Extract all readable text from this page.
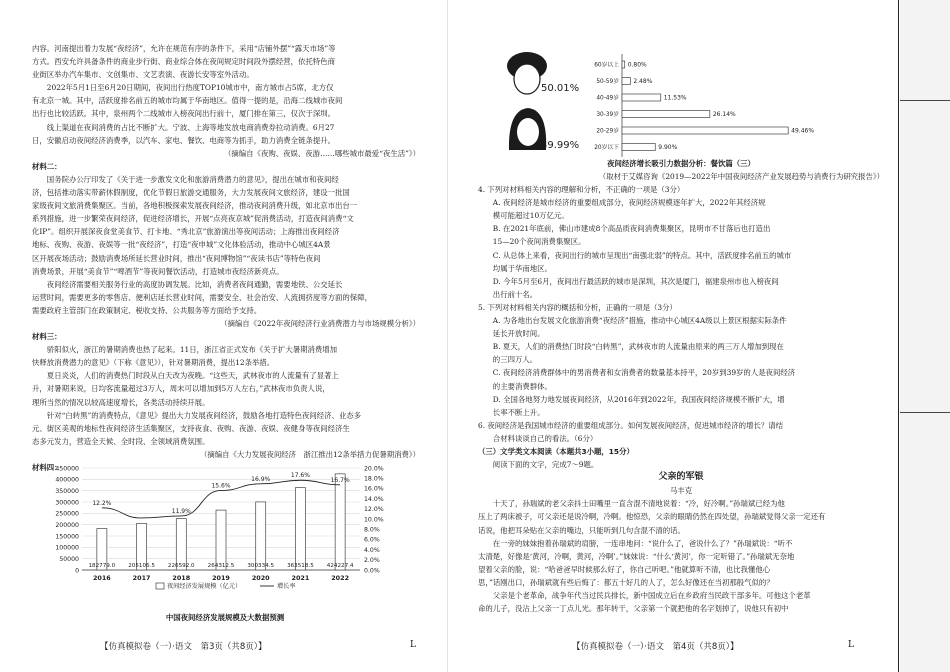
内容。河南提出着力发展“夜经济”，允许在规范有序的条件下，采用“店铺外摆”“露天市场”等

方式。西安允许具备条件的商业步行街、商业综合体在夜间规定时间段外摆经营，依托特色商

业街区举办汽车集市、文创集市、文艺表演、夜游长安等室外活动。

2022年5月1日至6月20日期间，夜间出行热度TOP10城市中，南方城市占5席，北方仅

有北京一城。其中，活跃度排名前五的城市均属于华南地区。值得一提的是，沿海二线城市夜间

出行也比较活跃。其中，泉州两个二线城市入榜夜间出行前十，厦门排在第三，仅次于深圳。

线上渠道在夜间消费的占比不断扩大。宁波、上海等地发放电商消费券拉动消费。6月27

日，安徽启动夜间经济消费季，以汽车、家电、餐饮、电商等为抓手，助力消费全链条提升。

（摘编自《夜购、夜娱、夜游……哪些城市最爱“夜生活”》）

材料二：

国务院办公厅印发了《关于进一步激发文化和旅游消费潜力的意见》，提出在城市和夜间经

济，包括推动落实带薪休假制度，优化节假日旅游交通服务，大力发展夜间文旅经济，建设一批国

家级夜间文旅消费集聚区。当前，各地积极探索发展夜间经济，推动夜间消费升级，如北京市出台一

系列措施，进一步繁荣夜间经济，促进经济增长，开展“点亮夜京城”促消费活动，打造夜间消费“文

化IP”。组织开展深夜食堂美食节、打卡地、“秀北京”旅游演出等夜间活动；上海推出夜间经济

地标、夜购、夜游、夜娱等一批“夜经济”，打造“夜申城”文化体验活动，推动中心城区4A景

区开展夜场活动；鼓励消费场所延长营业时间，推出“夜间博物馆”“夜读书店”等特色夜间

消费场景，开展“美食节”“啤酒节”等夜间餐饮活动，打造城市夜经济新亮点。

夜间经济需要相关服务行业的高度协调发展。比如，消费者夜间通勤，需要地铁、公交延长

运营时间，需要更多的零售店、便利店延长营业时间，需要安全、社会治安、人流拥挤度等方面的保障，

需要政府主管部门在政策制定、税收支持、公共服务等方面给予支持。

（摘编自《2022年夜间经济行业消费潜力与市场规模分析》）

材料三：

骄阳似火，浙江的暑期消费也热了起来。11日，浙江省正式发布《关于扩大暑期消费增加

快释放消费潜力的意见》（下称《意见》），针对暑期消费，提出12条举措。

夏日炎炎，人们的消费热门时段从白天改为夜晚。“这些天，武林夜市的人流量有了显著上

升，对暑期来说，日均客流量超过3万人，周末可以增加到5万人左右，”武林夜市负责人说，

理所当然的情况以较高速度增长，各类活动持续开展。

针对“白转黑”的消费特点，《意见》提出大力发展夜间经济，鼓励各地打造特色夜间经济、业态多

元、街区美观的地标性夜间经济生活集聚区，支持夜食、夜购、夜游、夜娱、夜健身等夜间经济生

态多元发力，营造全天候、全时段、全领域消费氛围。

（摘编自《大力发展夜间经济　浙江推出12条举措力促暑期消费》）

材料四：

0
50000
100000
150000
200000
250000
300000
350000
400000
450000
0.0%
2.0%
4.0%
6.0%
8.0%
10.0%
12.0%
14.0%
16.0%
18.0%
20.0%
182779.0
2016
12.2%
205106.5
2017
226592.0
2018
11.9%
264312.5
2019
15.6%
300334.5
2020
16.9%
363518.5
2021
17.6%
424227.4
2022
16.7%
夜间经济发展规模（亿元）	增长率

中国夜间经济发展规模及大数据预测

【仿真模拟卷（一）·语文　第3页（共8页）】	L
50.01%
49.99%
60岁以上 0.80%
50-59岁 2.48%
40-49岁	11.53%
30-39岁	26.14%
20-29岁	49.46%
20岁以下	9.90%

夜间经济增长吸引力数据分析：餐饮篇（三）

（取材于艾媒咨询《2019—2022年中国夜间经济产业发展趋势与消费行为研究报告》）

4. 下列对材料相关内容的理解和分析，不正确的一项是（3分）

A. 夜间经济是城市经济的重要组成部分，夜间经济规模逐年扩大，2022年其经济规

模可能超过10万亿元。

B. 在2021年底前，佛山市建成8个高品质夜间消费集聚区，昆明市不甘落后也打造出

15—20个夜间消费集聚区。

C. 从总体上来看，夜间出行的城市呈现出“南强北弱”的特点。其中，活跃度排名前五的城市

均属于华南地区。

D. 今年5月至6月，夜间出行最活跃的城市是深圳，其次是厦门，福建泉州市也入榜夜间

出行前十名。

5. 下列对材料相关内容的概括和分析，正确的一项是（3分）

A. 为各地出台发展文化旅游消费“夜经济”措施，推动中心城区4A级以上景区根据实际条件

延长开放时间。

B. 夏天，人们的消费热门时段“白转黑”，武林夜市的人流量由原来的两三万人增加到现在

的三四万人。

C. 夜间经济消费群体中的男消费者和女消费者的数量基本持平，20岁到39岁的人是夜间经济

的主要消费群体。

D. 全国各地努力地发展夜间经济，从2016年到2022年，我国夜间经济规模不断扩大，增

长率不断上升。

6. 夜间经济是我国城市经济的重要组成部分。如何发展夜间经济，促进城市经济的增长？请结

合材料谈谈自己的看法。（6分）

（三）文学类文本阅读（本题共3小题，15分）

阅读下面的文字，完成7～9题。

父亲的军银

马丰克

十天了，孙瑞斌的老父亲抖士田嘴里一直含混不清地说着：“冷，好冷啊。”孙瑞斌已经为他

压上了两床被子，可父亲还是说冷啊，冷啊。他惊恐，父亲的眼睛仍然在四处望，孙瑞斌觉得父亲一定还有

话说，他把耳朵贴在父亲的嘴边，只能听到几句含混不清的话。

在一旁的妹妹抱着孙瑞斌的肩膀，一连串地问：“说什么了，爸说什么了？”孙瑞斌说：“听不

太清楚，好像是‘黄河，冷啊，黄河，冷啊’。”妹妹说：“什么‘黄河’，你一定听错了。”孙瑞斌无奈地

望着父亲的脸，说：“哈爸爸早时候那么好了，你自己听吧。”他就算听不清，也比我懂他心

思，”话刚出口，孙瑞斌就有些后悔了：都五十好几的人了，怎么好像还在当初那般气似的？

父亲是个老革命，战争年代当过民兵排长，新中国成立后在乡政府当民政干部多年。可他这个老革

命的儿子，没沾上父亲一丁点儿光。那年转干，父亲第一个就把他的名字划掉了，说他只有初中

【仿真模拟卷（一）·语文　第4页（共8页）】	L
